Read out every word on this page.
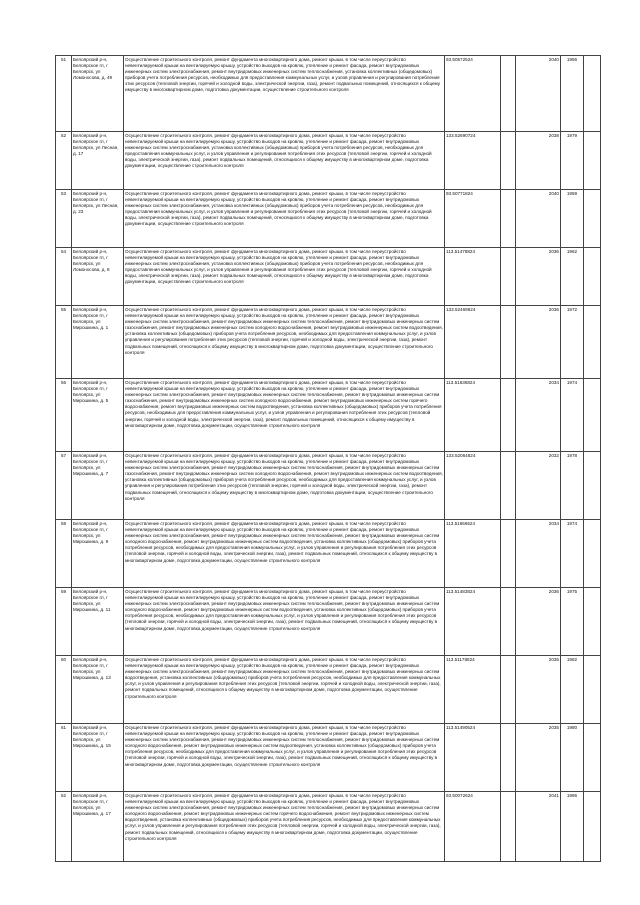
51	Белоярский р-н, Белоярское гп, г Белоярск, ул Ломоносова, д. 49	Осуществление строительного контроля, ремонт фундамента многоквартирного дома, ремонт крыши, в том числе переустройство невентилируемой крыши на вентилируемую крышу, устройство выходов на кровлю, утепление и ремонт фасада, ремонт внутридомовых инженерных систем электроснабжения, ремонт внутридомовых инженерных систем теплоснабжения, установка коллективных (общедомовых) приборов учета потребления ресурсов, необходимых для предоставления коммунальных услуг, и узлов управления и регулирования потребления этих ресурсов (тепловой энергии, горячей и холодной воды, электрической энергии, газа), ремонт подвальных помещений, относящихся к общему имуществу в многоквартирном доме, подготовка документации, осуществление строительного контроля	93.50572524		2040	1956	
52	Белоярский р-н, Белоярское гп, г Белоярск, ул Лесная, д. 17	Осуществление строительного контроля, ремонт фундамента многоквартирного дома, ремонт крыши, в том числе переустройство невентилируемой крыши на вентилируемую крышу, устройство выходов на кровлю, утепление и ремонт фасада, ремонт внутридомовых инженерных систем электроснабжения, установка коллективных (общедомовых) приборов учета потребления ресурсов, необходимых для предоставления коммунальных услуг, и узлов управления и регулирования потребления этих ресурсов (тепловой энергии, горячей и холодной воды, электрической энергии, газа), ремонт подвальных помещений, относящихся к общему имуществу в многоквартирном доме, подготовка документации, осуществление строительного контроля	133.52690724		2038	1979	
53	Белоярский р-н, Белоярское гп, г Белоярск, ул Лесная, д. 23	Осуществление строительного контроля, ремонт фундамента многоквартирного дома, ремонт крыши, в том числе переустройство невентилируемой крыши на вентилируемую крышу, устройство выходов на кровлю, утепление и ремонт фасада, ремонт внутридомовых инженерных систем электроснабжения, установка коллективных (общедомовых) приборов учета потребления ресурсов, необходимых для предоставления коммунальных услуг, и узлов управления и регулирования потребления этих ресурсов (тепловой энергии, горячей и холодной воды, электрической энергии, газа), ремонт подвальных помещений, относящихся к общему имуществу в многоквартирном доме, подготовка документации, осуществление строительного контроля	93.50771824		2040	1959	
54	Белоярский р-н, Белоярское гп, г Белоярск, ул Ломоносова, д. 8	Осуществление строительного контроля, ремонт фундамента многоквартирного дома, ремонт крыши, в том числе переустройство невентилируемой крыши на вентилируемую крышу, устройство выходов на кровлю, утепление и ремонт фасада, ремонт внутридомовых инженерных систем электроснабжения, установка коллективных (общедомовых) приборов учета потребления ресурсов, необходимых для предоставления коммунальных услуг, и узлов управления и регулирования потребления этих ресурсов (тепловой энергии, горячей и холодной воды, электрической энергии, газа), ремонт подвальных помещений, относящихся к общему имуществу в многоквартирном доме, подготовка документации, осуществление строительного контроля	113.51478824		2036	1962	
55	Белоярский р-н, Белоярское гп, г Белоярск, ул Мирошкина, д. 1	Осуществление строительного контроля, ремонт фундамента многоквартирного дома, ремонт крыши, в том числе переустройство невентилируемой крыши на вентилируемую крышу, устройство выходов на кровлю, утепление и ремонт фасада, ремонт внутридомовых инженерных систем электроснабжения, ремонт внутридомовых инженерных систем теплоснабжения, ремонт внутридомовых инженерных систем газоснабжения, ремонт внутридомовых инженерных систем холодного водоснабжения, ремонт внутридомовых инженерных систем водоотведения, установка коллективных (общедомовых) приборов учета потребления ресурсов, необходимых для предоставления коммунальных услуг, и узлов управления и регулирования потребления этих ресурсов (тепловой энергии, горячей и холодной воды, электрической энергии, газа), ремонт подвальных помещений, относящихся к общему имуществу в многоквартирном доме, подготовка документации, осуществление строительного контроля	133.52469624		2036	1972	
56	Белоярский р-н, Белоярское гп, г Белоярск, ул Мирошкина, д. 5	Осуществление строительного контроля, ремонт фундамента многоквартирного дома, ремонт крыши, в том числе переустройство невентилируемой крыши на вентилируемую крышу, устройство выходов на кровлю, утепление и ремонт фасада, ремонт внутридомовых инженерных систем электроснабжения, ремонт внутридомовых инженерных систем теплоснабжения, ремонт внутридомовых инженерных систем газоснабжения, ремонт внутридомовых инженерных систем холодного водоснабжения, ремонт внутридомовых инженерных систем горячего водоснабжения, ремонт внутридомовых инженерных систем водоотведения, установка коллективных (общедомовых) приборов учета потребления ресурсов, необходимых для предоставления коммунальных услуг, и узлов управления и регулирования потребления этих ресурсов (тепловой энергии, горячей и холодной воды, электрической энергии, газа), ремонт подвальных помещений, относящихся к общему имуществу в многоквартирном доме, подготовка документации, осуществление строительного контроля	113.51636824		2034	1974	
57	Белоярский р-н, Белоярское гп, г Белоярск, ул Мирошкина, д. 7	Осуществление строительного контроля, ремонт фундамента многоквартирного дома, ремонт крыши, в том числе переустройство невентилируемой крыши на вентилируемую крышу, устройство выходов на кровлю, утепление и ремонт фасада, ремонт внутридомовых инженерных систем электроснабжения, ремонт внутридомовых инженерных систем теплоснабжения, ремонт внутридомовых инженерных систем газоснабжения, ремонт внутридомовых инженерных систем холодного водоснабжения, ремонт внутридомовых инженерных систем водоотведения, установка коллективных (общедомовых) приборов учета потребления ресурсов, необходимых для предоставления коммунальных услуг, и узлов управления и регулирования потребления этих ресурсов (тепловой энергии, горячей и холодной воды, электрической энергии, газа), ремонт подвальных помещений, относящихся к общему имуществу в многоквартирном доме, подготовка документации, осуществление строительного контроля	133.52064824		2032	1978	
58	Белоярский р-н, Белоярское гп, г Белоярск, ул Мирошкина, д. 9	Осуществление строительного контроля, ремонт фундамента многоквартирного дома, ремонт крыши, в том числе переустройство невентилируемой крыши на вентилируемую крышу, устройство выходов на кровлю, утепление и ремонт фасада, ремонт внутридомовых инженерных систем электроснабжения, ремонт внутридомовых инженерных систем теплоснабжения, ремонт внутридомовых инженерных систем холодного водоснабжения, ремонт внутридомовых инженерных систем водоотведения, установка коллективных (общедомовых) приборов учета потребления ресурсов, необходимых для предоставления коммунальных услуг, и узлов управления и регулирования потребления этих ресурсов (тепловой энергии, горячей и холодной воды, электрической энергии, газа), ремонт подвальных помещений, относящихся к общему имуществу в многоквартирном доме, подготовка документации, осуществление строительного контроля	113.51656524		2034	1974	
59	Белоярский р-н, Белоярское гп, г Белоярск, ул Мирошкина, д. 11	Осуществление строительного контроля, ремонт фундамента многоквартирного дома, ремонт крыши, в том числе переустройство невентилируемой крыши на вентилируемую крышу, устройство выходов на кровлю, утепление и ремонт фасада, ремонт внутридомовых инженерных систем электроснабжения, ремонт внутридомовых инженерных систем теплоснабжения, ремонт внутридомовых инженерных систем холодного водоснабжения, ремонт внутридомовых инженерных систем водоотведения, установка коллективных (общедомовых) приборов учета потребления ресурсов, необходимых для предоставления коммунальных услуг, и узлов управления и регулирования потребления этих ресурсов (тепловой энергии, горячей и холодной воды, электрической энергии, газа), ремонт подвальных помещений, относящихся к общему имуществу в многоквартирном доме, подготовка документации, осуществление строительного контроля	113.51483824		2036	1975	
60	Белоярский р-н, Белоярское гп, г Белоярск, ул Мирошкина, д. 13	Осуществление строительного контроля, ремонт фундамента многоквартирного дома, ремонт крыши, в том числе переустройство невентилируемой крыши на вентилируемую крышу, устройство выходов на кровлю, утепление и ремонт фасада, ремонт внутридомовых инженерных систем электроснабжения, ремонт внутридомовых инженерных систем теплоснабжения, ремонт внутридомовых инженерных систем водоотведения, установка коллективных (общедомовых) приборов учета потребления ресурсов, необходимых для предоставления коммунальных услуг, и узлов управления и регулирования потребления этих ресурсов (тепловой энергии, горячей и холодной воды, электрической энергии, газа), ремонт подвальных помещений, относящихся к общему имуществу в многоквартирном доме, подготовка документации, осуществление строительного контроля	113.51178824		2035	1982	
61	Белоярский р-н, Белоярское гп, г Белоярск, ул Мирошкина, д. 15	Осуществление строительного контроля, ремонт фундамента многоквартирного дома, ремонт крыши, в том числе переустройство невентилируемой крыши на вентилируемую крышу, устройство выходов на кровлю, утепление и ремонт фасада, ремонт внутридомовых инженерных систем электроснабжения, ремонт внутридомовых инженерных систем теплоснабжения, ремонт внутридомовых инженерных систем холодного водоснабжения, ремонт внутридомовых инженерных систем водоотведения, установка коллективных (общедомовых) приборов учета потребления ресурсов, необходимых для предоставления коммунальных услуг, и узлов управления и регулирования потребления этих ресурсов (тепловой энергии, горячей и холодной воды, электрической энергии, газа), ремонт подвальных помещений, относящихся к общему имуществу в многоквартирном доме, подготовка документации, осуществление строительного контроля	113.51490524		2035	1980	
62	Белоярский р-н, Белоярское гп, г Белоярск, ул Мирошкина, д. 17	Осуществление строительного контроля, ремонт фундамента многоквартирного дома, ремонт крыши, в том числе переустройство невентилируемой крыши на вентилируемую крышу, устройство выходов на кровлю, утепление и ремонт фасада, ремонт внутридомовых инженерных систем электроснабжения, ремонт внутридомовых инженерных систем теплоснабжения, ремонт внутридомовых инженерных систем холодного водоснабжения, ремонт внутридомовых инженерных систем горячего водоснабжения, ремонт внутридомовых инженерных систем водоотведения, установка коллективных (общедомовых) приборов учета потребления ресурсов, необходимых для предоставления коммунальных услуг, и узлов управления и регулирования потребления этих ресурсов (тепловой энергии, горячей и холодной воды, электрической энергии, газа), ремонт подвальных помещений, относящихся к общему имуществу в многоквартирном доме, подготовка документации, осуществление строительного контроля	93.50072624		2041	1986	
